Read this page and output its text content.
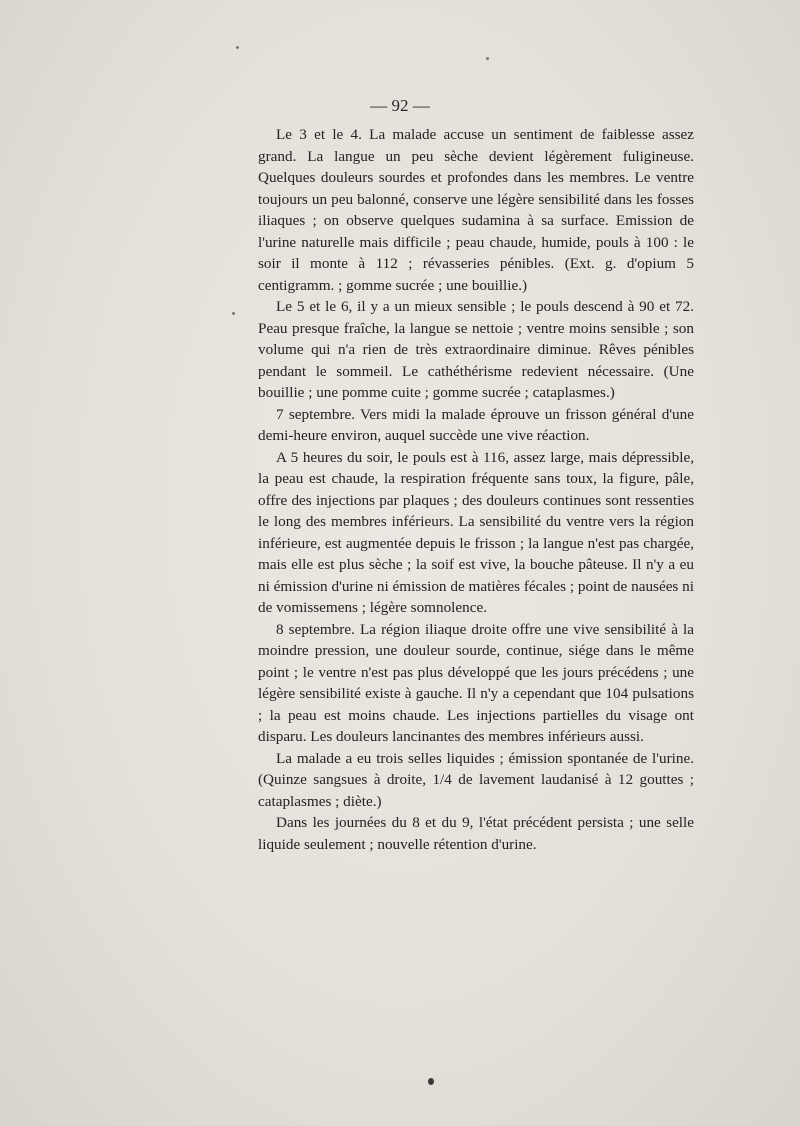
— 92 —

Le 3 et le 4. La malade accuse un sentiment de faiblesse assez grand. La langue un peu sèche devient légèrement fuligineuse. Quelques douleurs sourdes et profondes dans les membres. Le ventre toujours un peu balonné, conserve une légère sensibilité dans les fosses iliaques ; on observe quelques sudamina à sa surface. Emission de l'urine naturelle mais difficile ; peau chaude, humide, pouls à 100 : le soir il monte à 112 ; révasseries pénibles. (Ext. g. d'opium 5 centigramm. ; gomme sucrée ; une bouillie.)

Le 5 et le 6, il y a un mieux sensible ; le pouls descend à 90 et 72. Peau presque fraîche, la langue se nettoie ; ventre moins sensible ; son volume qui n'a rien de très extraordinaire diminue. Rêves pénibles pendant le sommeil. Le cathéthérisme redevient nécessaire. (Une bouillie ; une pomme cuite ; gomme sucrée ; cataplasmes.)

7 septembre. Vers midi la malade éprouve un frisson général d'une demi-heure environ, auquel succède une vive réaction.

A 5 heures du soir, le pouls est à 116, assez large, mais dépressible, la peau est chaude, la respiration fréquente sans toux, la figure, pâle, offre des injections par plaques ; des douleurs continues sont ressenties le long des membres inférieurs. La sensibilité du ventre vers la région inférieure, est augmentée depuis le frisson ; la langue n'est pas chargée, mais elle est plus sèche ; la soif est vive, la bouche pâteuse. Il n'y a eu ni émission d'urine ni émission de matières fécales ; point de nausées ni de vomissemens ; légère somnolence.

8 septembre. La région iliaque droite offre une vive sensibilité à la moindre pression, une douleur sourde, continue, siége dans le même point ; le ventre n'est pas plus développé que les jours précédens ; une légère sensibilité existe à gauche. Il n'y a cependant que 104 pulsations ; la peau est moins chaude. Les injections partielles du visage ont disparu. Les douleurs lancinantes des membres inférieurs aussi.

La malade a eu trois selles liquides ; émission spontanée de l'urine. (Quinze sangsues à droite, 1/4 de lavement laudanisé à 12 gouttes ; cataplasmes ; diète.)

Dans les journées du 8 et du 9, l'état précédent persista ; une selle liquide seulement ; nouvelle rétention d'urine.
